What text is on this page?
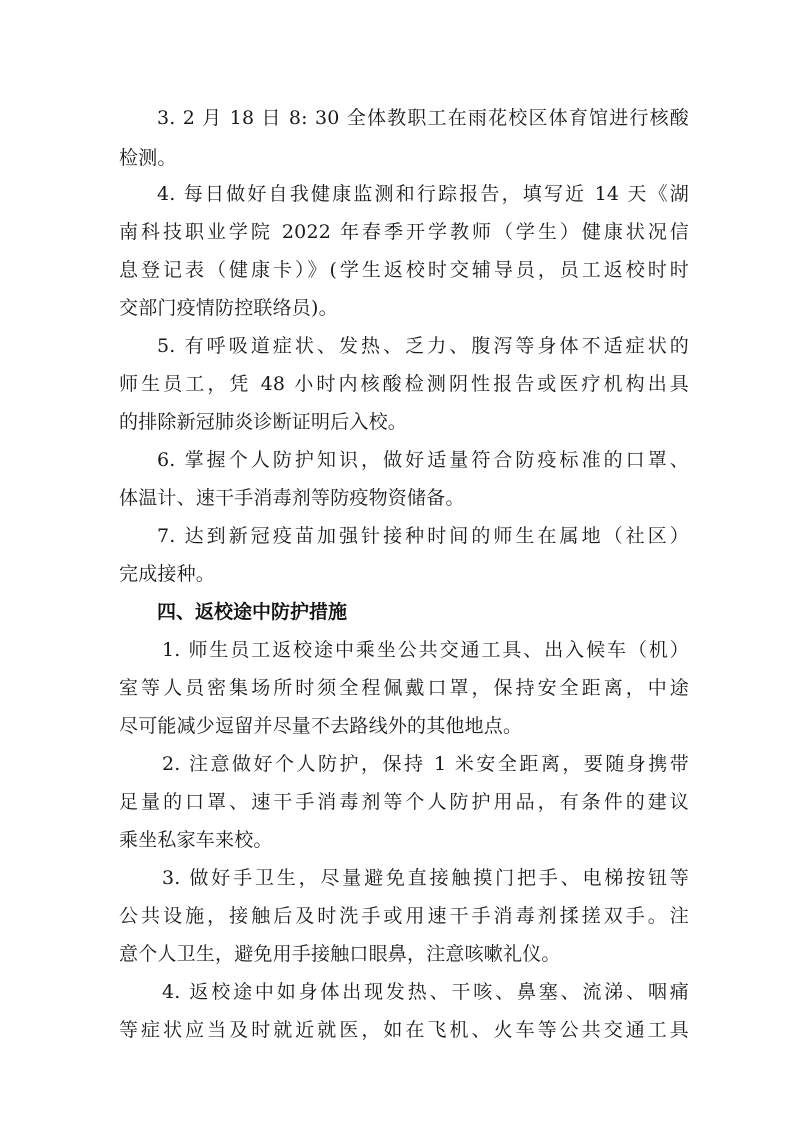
3. 2 月 18 日 8: 30 全体教职工在雨花校区体育馆进行核酸
检测。
4. 每日做好自我健康监测和行踪报告，填写近 14 天《湖
南科技职业学院 2022 年春季开学教师（学生）健康状况信
息登记表（健康卡）》(学生返校时交辅导员，员工返校时时
交部门疫情防控联络员)。
5. 有呼吸道症状、发热、乏力、腹泻等身体不适症状的
师生员工，凭 48 小时内核酸检测阴性报告或医疗机构出具
的排除新冠肺炎诊断证明后入校。
6. 掌握个人防护知识，做好适量符合防疫标准的口罩、
体温计、速干手消毒剂等防疫物资储备。
7. 达到新冠疫苗加强针接种时间的师生在属地（社区）
完成接种。
四、返校途中防护措施
1. 师生员工返校途中乘坐公共交通工具、出入候车（机）
室等人员密集场所时须全程佩戴口罩，保持安全距离，中途
尽可能减少逗留并尽量不去路线外的其他地点。
2. 注意做好个人防护，保持 1 米安全距离，要随身携带
足量的口罩、速干手消毒剂等个人防护用品，有条件的建议
乘坐私家车来校。
3. 做好手卫生，尽量避免直接触摸门把手、电梯按钮等
公共设施，接触后及时洗手或用速干手消毒剂揉搓双手。注
意个人卫生，避免用手接触口眼鼻，注意咳嗽礼仪。
4. 返校途中如身体出现发热、干咳、鼻塞、流涕、咽痛
等症状应当及时就近就医，如在飞机、火车等公共交通工具
